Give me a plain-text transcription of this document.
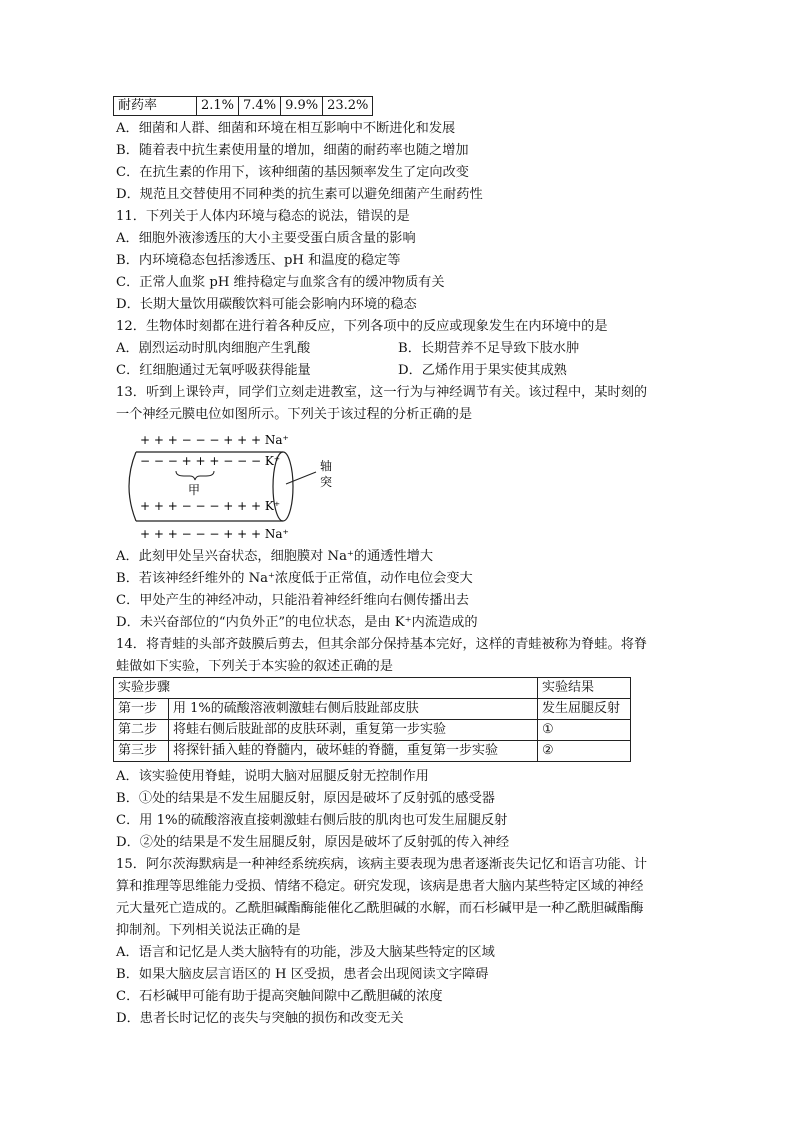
耐药率	2.1%	7.4%	9.9%	23.2%
A．细菌和人群、细菌和环境在相互影响中不断进化和发展
B．随着表中抗生素使用量的增加，细菌的耐药率也随之增加
C．在抗生素的作用下，该种细菌的基因频率发生了定向改变
D．规范且交替使用不同种类的抗生素可以避免细菌产生耐药性
11．下列关于人体内环境与稳态的说法，错误的是
A．细胞外液渗透压的大小主要受蛋白质含量的影响
B．内环境稳态包括渗透压、pH 和温度的稳定等
C．正常人血浆 pH 维持稳定与血浆含有的缓冲物质有关
D．长期大量饮用碳酸饮料可能会影响内环境的稳态
12．生物体时刻都在进行着各种反应，下列各项中的反应或现象发生在内环境中的是
A．剧烈运动时肌肉细胞产生乳酸	B．长期营养不足导致下肢水肿
C．红细胞通过无氧呼吸获得能量	D．乙烯作用于果实使其成熟
13．听到上课铃声，同学们立刻走进教室，这一行为与神经调节有关。该过程中，某时刻的
一个神经元膜电位如图所示。下列关于该过程的分析正确的是
+ + + − − − + + + Na⁺
− − − + + + − − − K⁺
甲
+ + + − − − + + + K⁺
+ + + − − − + + + Na⁺
轴
突
A．此刻甲处呈兴奋状态，细胞膜对 Na⁺的通透性增大
B．若该神经纤维外的 Na⁺浓度低于正常值，动作电位会变大
C．甲处产生的神经冲动，只能沿着神经纤维向右侧传播出去
D．未兴奋部位的“内负外正”的电位状态，是由 K⁺内流造成的
14．将青蛙的头部齐鼓膜后剪去，但其余部分保持基本完好，这样的青蛙被称为脊蛙。将脊
蛙做如下实验，下列关于本实验的叙述正确的是
实验步骤		实验结果
第一步	用 1%的硫酸溶液刺激蛙右侧后肢趾部皮肤	发生屈腿反射
第二步	将蛙右侧后肢趾部的皮肤环剥，重复第一步实验	①
第三步	将探针插入蛙的脊髓内，破坏蛙的脊髓，重复第一步实验	②
A．该实验使用脊蛙，说明大脑对屈腿反射无控制作用
B．①处的结果是不发生屈腿反射，原因是破坏了反射弧的感受器
C．用 1%的硫酸溶液直接刺激蛙右侧后肢的肌肉也可发生屈腿反射
D．②处的结果是不发生屈腿反射，原因是破坏了反射弧的传入神经
15．阿尔茨海默病是一种神经系统疾病，该病主要表现为患者逐渐丧失记忆和语言功能、计
算和推理等思维能力受损、情绪不稳定。研究发现，该病是患者大脑内某些特定区域的神经
元大量死亡造成的。乙酰胆碱酯酶能催化乙酰胆碱的水解，而石杉碱甲是一种乙酰胆碱酯酶
抑制剂。下列相关说法正确的是
A．语言和记忆是人类大脑特有的功能，涉及大脑某些特定的区域
B．如果大脑皮层言语区的 H 区受损，患者会出现阅读文字障碍
C．石杉碱甲可能有助于提高突触间隙中乙酰胆碱的浓度
D．患者长时记忆的丧失与突触的损伤和改变无关
